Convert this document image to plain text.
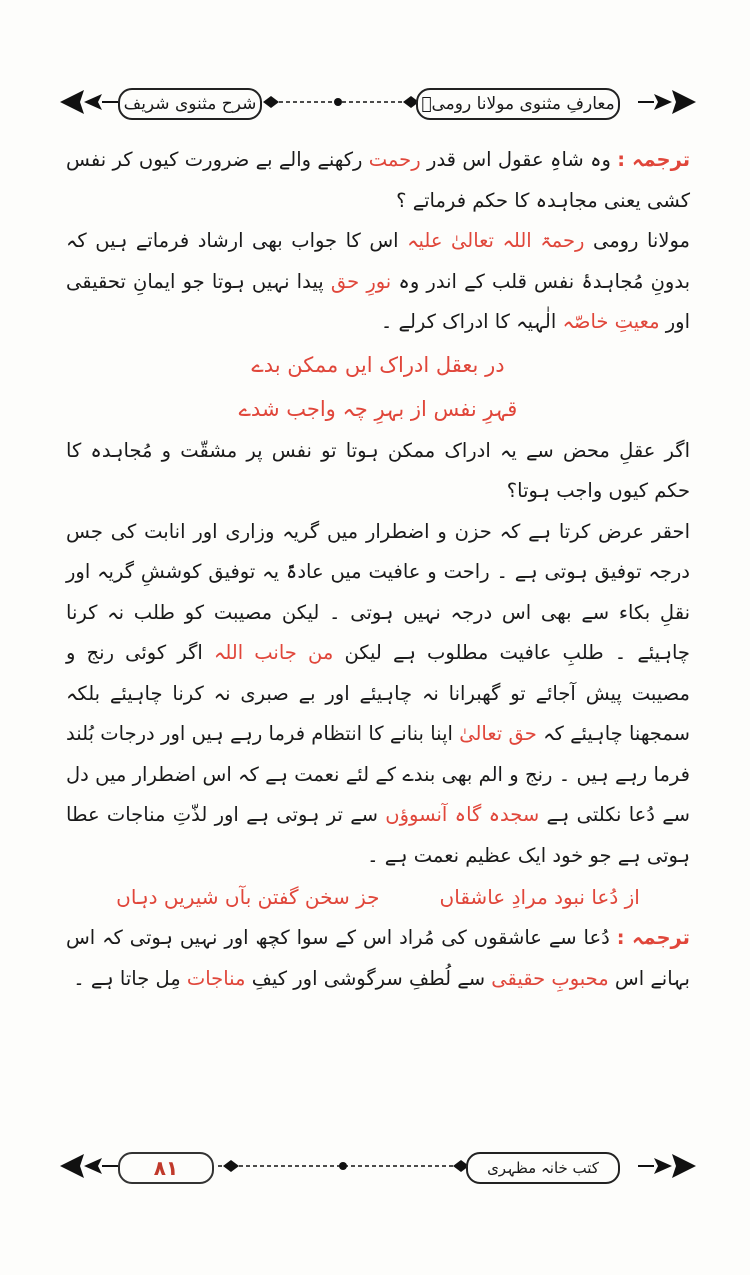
معارفِ مثنوی مولانا رومیؒ
شرح مثنوی شریف

ترجمہ : وہ شاہِ عقول اس قدر رحمت رکھنے والے بے ضرورت کیوں کر نفس کشی یعنی مجاہدہ کا حکم فرماتے ؟

مولانا رومی رحمۃ اللہ تعالیٰ علیہ اس کا جواب بھی ارشاد فرماتے ہیں کہ بدونِ مُجاہدۂ نفس قلب کے اندر وہ نورِ حق پیدا نہیں ہوتا جو ایمانِ تحقیقی اور معیتِ خاصّہ الٰہیہ کا ادراک کرلے ۔

در بعقل ادراک ایں ممکن بدے

قہرِ نفس از بہرِ چہ واجب شدے

اگر عقلِ محض سے یہ ادراک ممکن ہوتا تو نفس پر مشقّت و مُجاہدہ کا حکم کیوں واجب ہوتا؟

احقر عرض کرتا ہے کہ حزن و اضطرار میں گریہ وزاری اور انابت کی جس درجہ توفیق ہوتی ہے ۔ راحت و عافیت میں عادۃً یہ توفیق کوششِ گریہ اور نقلِ بکاء سے بھی اس درجہ نہیں ہوتی ۔ لیکن مصیبت کو طلب نہ کرنا چاہیئے ۔ طلبِ عافیت مطلوب ہے لیکن من جانب اللہ اگر کوئی رنج و مصیبت پیش آجائے تو گھبرانا نہ چاہیئے اور بے صبری نہ کرنا چاہیئے بلکہ سمجھنا چاہیئے کہ حق تعالیٰ اپنا بنانے کا انتظام فرما رہے ہیں اور درجات بُلند فرما رہے ہیں ۔ رنج و الم بھی بندے کے لئے نعمت ہے کہ اس اضطرار میں دل سے دُعا نکلتی ہے سجدہ گاہ آنسوؤں سے تر ہوتی ہے اور لذّتِ مناجات عطا ہوتی ہے جو خود ایک عظیم نعمت ہے ۔

از دُعا نبود مرادِ عاشقاں
جز سخن گفتن بآں شیریں دہاں

ترجمہ : دُعا سے عاشقوں کی مُراد اس کے سوا کچھ اور نہیں ہوتی کہ اس بہانے اس محبوبِ حقیقی سے لُطفِ سرگوشی اور کیفِ مناجات مِل جاتا ہے ۔

۸۱	کتب خانہ مظہری
